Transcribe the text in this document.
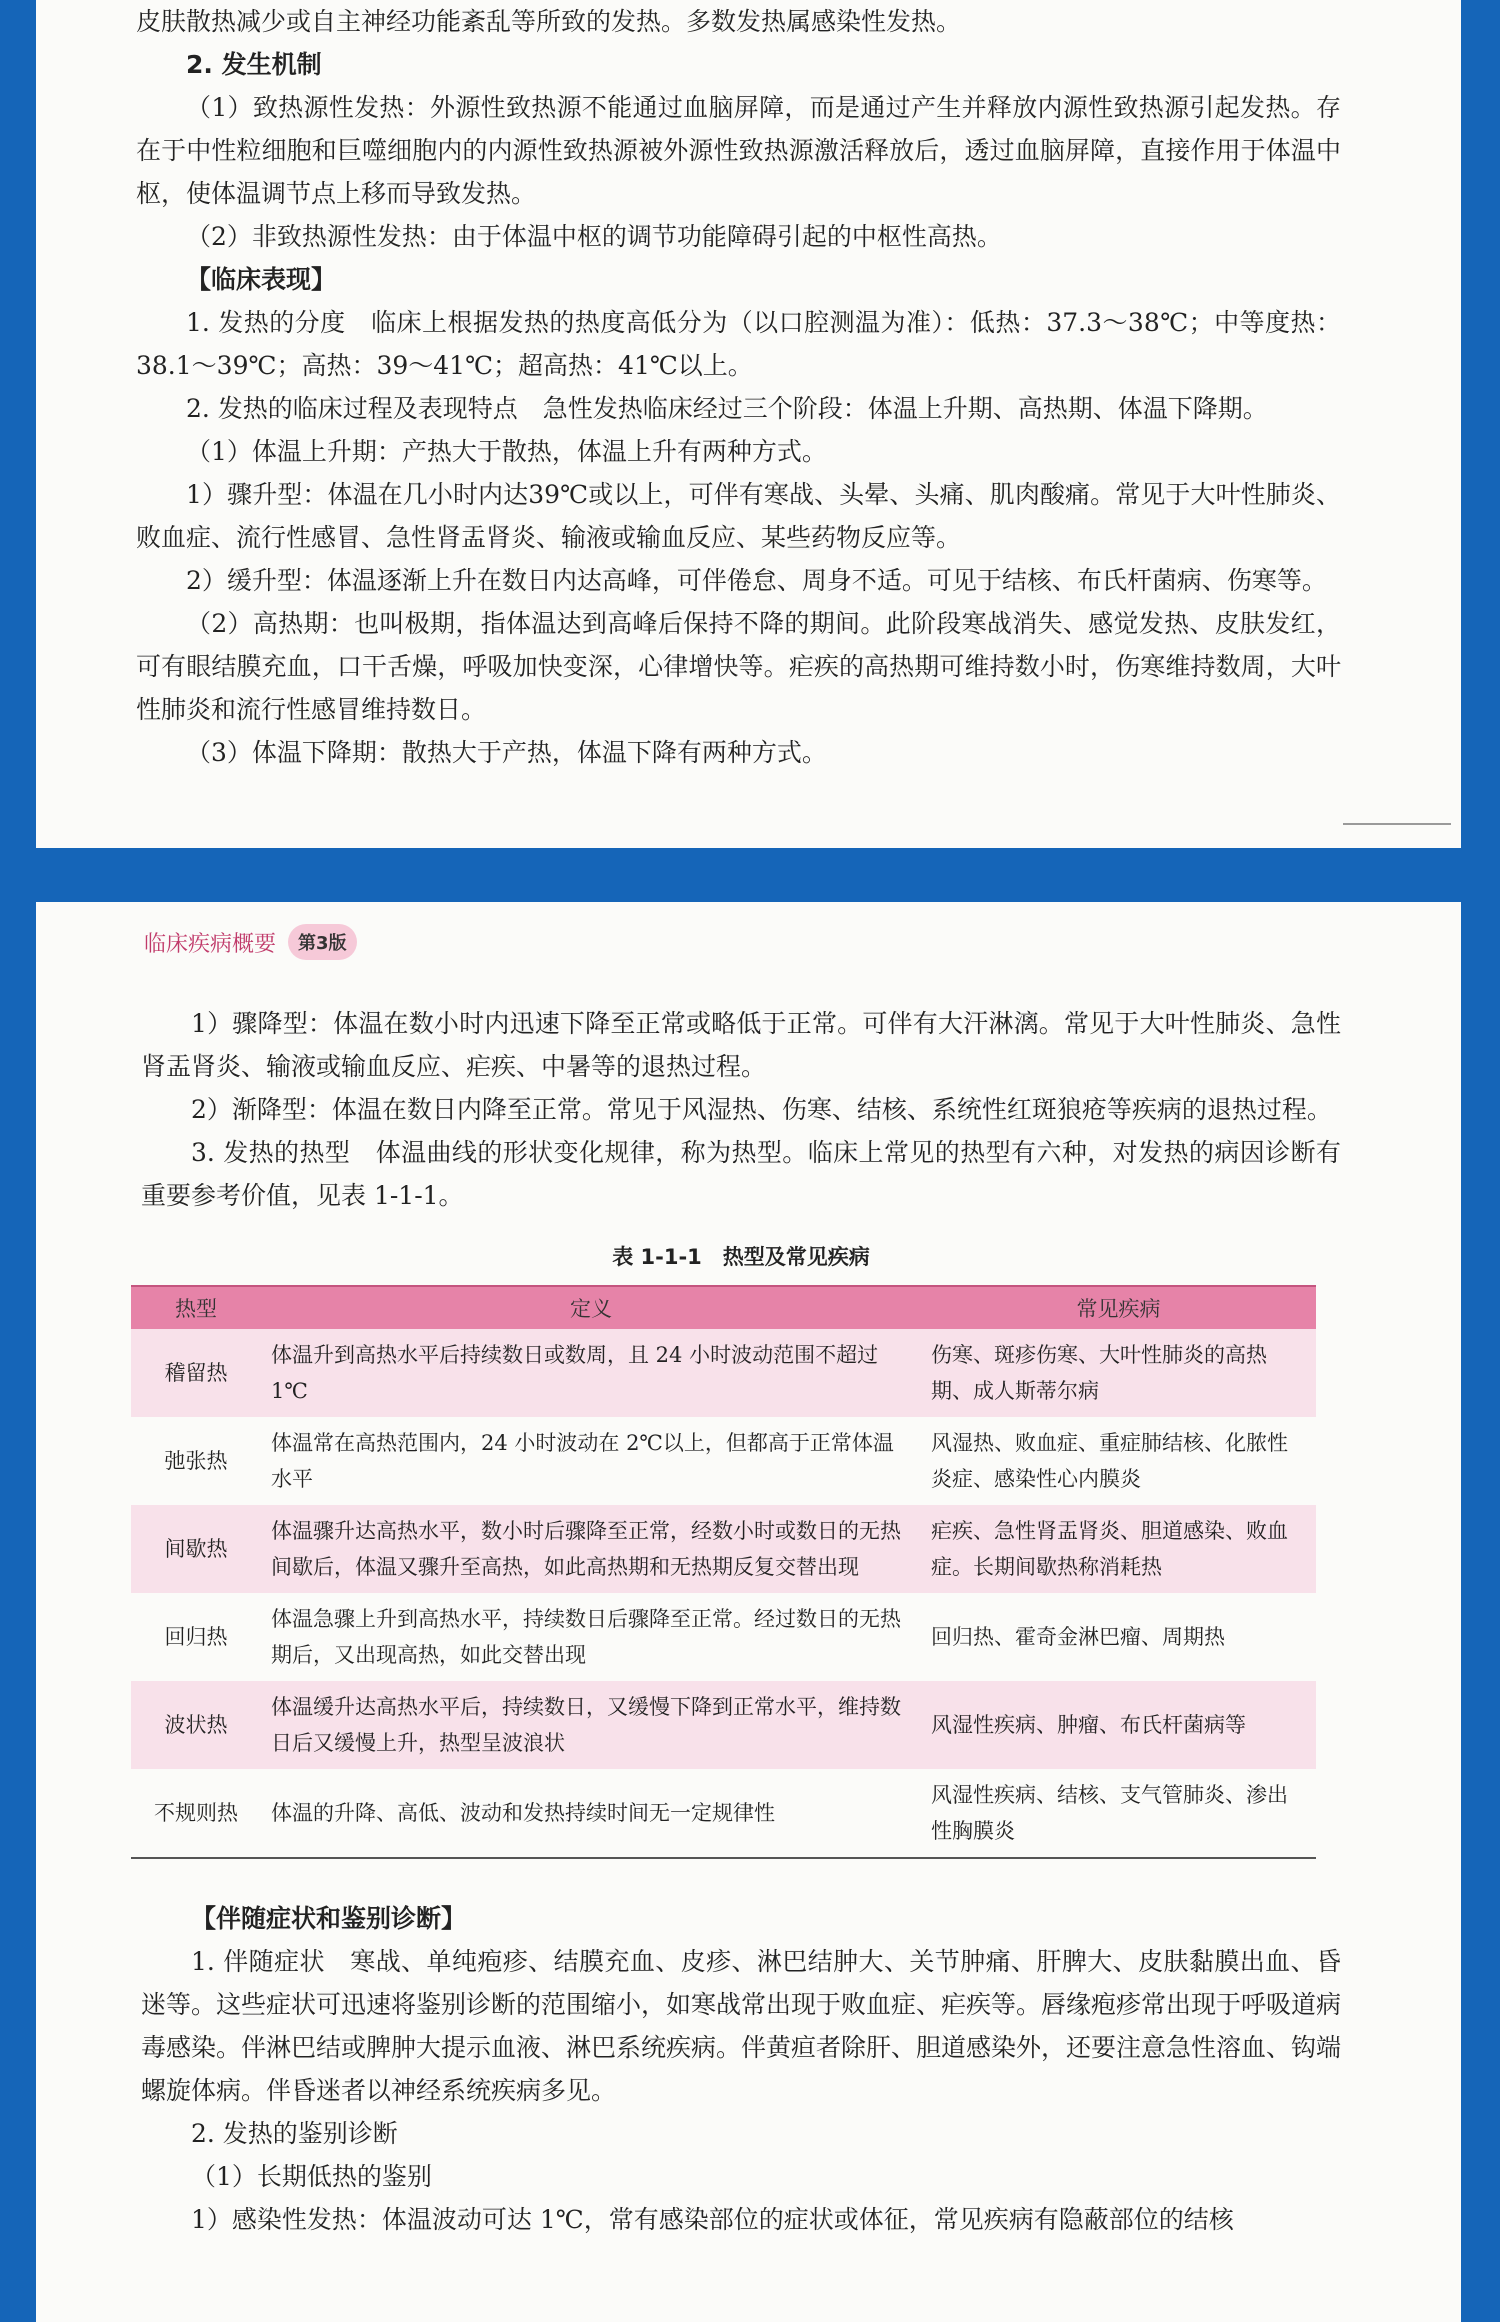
皮肤散热减少或自主神经功能紊乱等所致的发热。多数发热属感染性发热。

2. 发生机制

（1）致热源性发热：外源性致热源不能通过血脑屏障，而是通过产生并释放内源性致热源引起发热。存在于中性粒细胞和巨噬细胞内的内源性致热源被外源性致热源激活释放后，透过血脑屏障，直接作用于体温中枢，使体温调节点上移而导致发热。

（2）非致热源性发热：由于体温中枢的调节功能障碍引起的中枢性高热。

【临床表现】

1. 发热的分度　临床上根据发热的热度高低分为（以口腔测温为准）：低热：37.3～38℃；中等度热：38.1～39℃；高热：39～41℃；超高热：41℃以上。

2. 发热的临床过程及表现特点　急性发热临床经过三个阶段：体温上升期、高热期、体温下降期。

（1）体温上升期：产热大于散热，体温上升有两种方式。

1）骤升型：体温在几小时内达39℃或以上，可伴有寒战、头晕、头痛、肌肉酸痛。常见于大叶性肺炎、败血症、流行性感冒、急性肾盂肾炎、输液或输血反应、某些药物反应等。

2）缓升型：体温逐渐上升在数日内达高峰，可伴倦怠、周身不适。可见于结核、布氏杆菌病、伤寒等。

（2）高热期：也叫极期，指体温达到高峰后保持不降的期间。此阶段寒战消失、感觉发热、皮肤发红，可有眼结膜充血，口干舌燥，呼吸加快变深，心律增快等。疟疾的高热期可维持数小时，伤寒维持数周，大叶性肺炎和流行性感冒维持数日。

（3）体温下降期：散热大于产热，体温下降有两种方式。

临床疾病概要	第3版

1）骤降型：体温在数小时内迅速下降至正常或略低于正常。可伴有大汗淋漓。常见于大叶性肺炎、急性肾盂肾炎、输液或输血反应、疟疾、中暑等的退热过程。

2）渐降型：体温在数日内降至正常。常见于风湿热、伤寒、结核、系统性红斑狼疮等疾病的退热过程。

3. 发热的热型　体温曲线的形状变化规律，称为热型。临床上常见的热型有六种，对发热的病因诊断有重要参考价值，见表 1-1-1。

表 1-1-1　热型及常见疾病
热型	定义	常见疾病
稽留热	体温升到高热水平后持续数日或数周，且 24 小时波动范围不超过 1℃	伤寒、斑疹伤寒、大叶性肺炎的高热期、成人斯蒂尔病
弛张热	体温常在高热范围内，24 小时波动在 2℃以上，但都高于正常体温水平	风湿热、败血症、重症肺结核、化脓性炎症、感染性心内膜炎
间歇热	体温骤升达高热水平，数小时后骤降至正常，经数小时或数日的无热间歇后，体温又骤升至高热，如此高热期和无热期反复交替出现	疟疾、急性肾盂肾炎、胆道感染、败血症。长期间歇热称消耗热
回归热	体温急骤上升到高热水平，持续数日后骤降至正常。经过数日的无热期后，又出现高热，如此交替出现	回归热、霍奇金淋巴瘤、周期热
波状热	体温缓升达高热水平后，持续数日，又缓慢下降到正常水平，维持数日后又缓慢上升，热型呈波浪状	风湿性疾病、肿瘤、布氏杆菌病等
不规则热	体温的升降、高低、波动和发热持续时间无一定规律性	风湿性疾病、结核、支气管肺炎、渗出性胸膜炎

【伴随症状和鉴别诊断】

1. 伴随症状　寒战、单纯疱疹、结膜充血、皮疹、淋巴结肿大、关节肿痛、肝脾大、皮肤黏膜出血、昏迷等。这些症状可迅速将鉴别诊断的范围缩小，如寒战常出现于败血症、疟疾等。唇缘疱疹常出现于呼吸道病毒感染。伴淋巴结或脾肿大提示血液、淋巴系统疾病。伴黄疸者除肝、胆道感染外，还要注意急性溶血、钩端螺旋体病。伴昏迷者以神经系统疾病多见。

2. 发热的鉴别诊断

（1）长期低热的鉴别

1）感染性发热：体温波动可达 1℃，常有感染部位的症状或体征，常见疾病有隐蔽部位的结核
